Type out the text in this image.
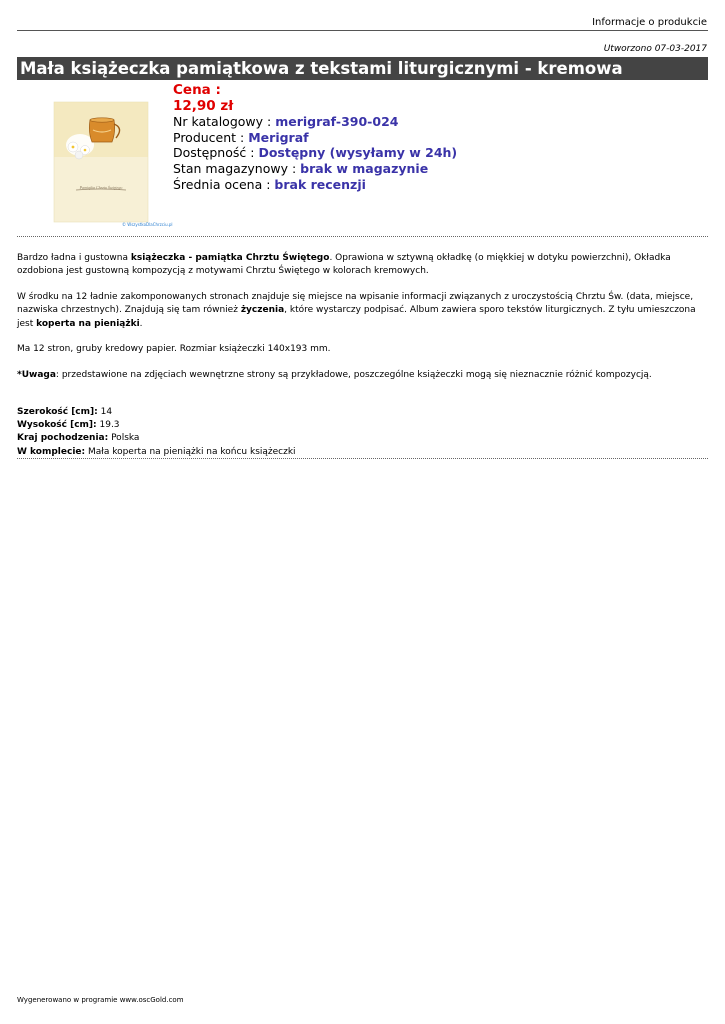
Informacje o produkcie
Utworzono 07-03-2017
Mała książeczka pamiątkowa z tekstami liturgicznymi - kremowa
Pamiątka Chrztu Świętego
© WszystkoDlaChrzciu.pl
Cena :
12,90 zł
Nr katalogowy : merigraf-390-024
Producent : Merigraf
Dostępność : Dostępny (wysyłamy w 24h)
Stan magazynowy : brak w magazynie
Średnia ocena : brak recenzji

Bardzo ładna i gustowna książeczka - pamiątka Chrztu Świętego. Oprawiona w sztywną okładkę (o miękkiej w dotyku powierzchni), Okładka ozdobiona jest gustowną kompozycją z motywami Chrztu Świętego w kolorach kremowych.

W środku na 12 ładnie zakomponowanych stronach znajduje się miejsce na wpisanie informacji związanych z uroczystością Chrztu Św. (data, miejsce, nazwiska chrzestnych). Znajdują się tam również życzenia, które wystarczy podpisać. Album zawiera sporo tekstów liturgicznych. Z tyłu umieszczona jest koperta na pieniążki.

Ma 12 stron, gruby kredowy papier. Rozmiar książeczki 140x193 mm.

*Uwaga: przedstawione na zdjęciach wewnętrzne strony są przykładowe, poszczególne książeczki mogą się nieznacznie różnić kompozycją.

Szerokość [cm]: 14
Wysokość [cm]: 19.3
Kraj pochodzenia: Polska
W komplecie: Mała koperta na pieniążki na końcu książeczki
Wygenerowano w programie www.oscGold.com
